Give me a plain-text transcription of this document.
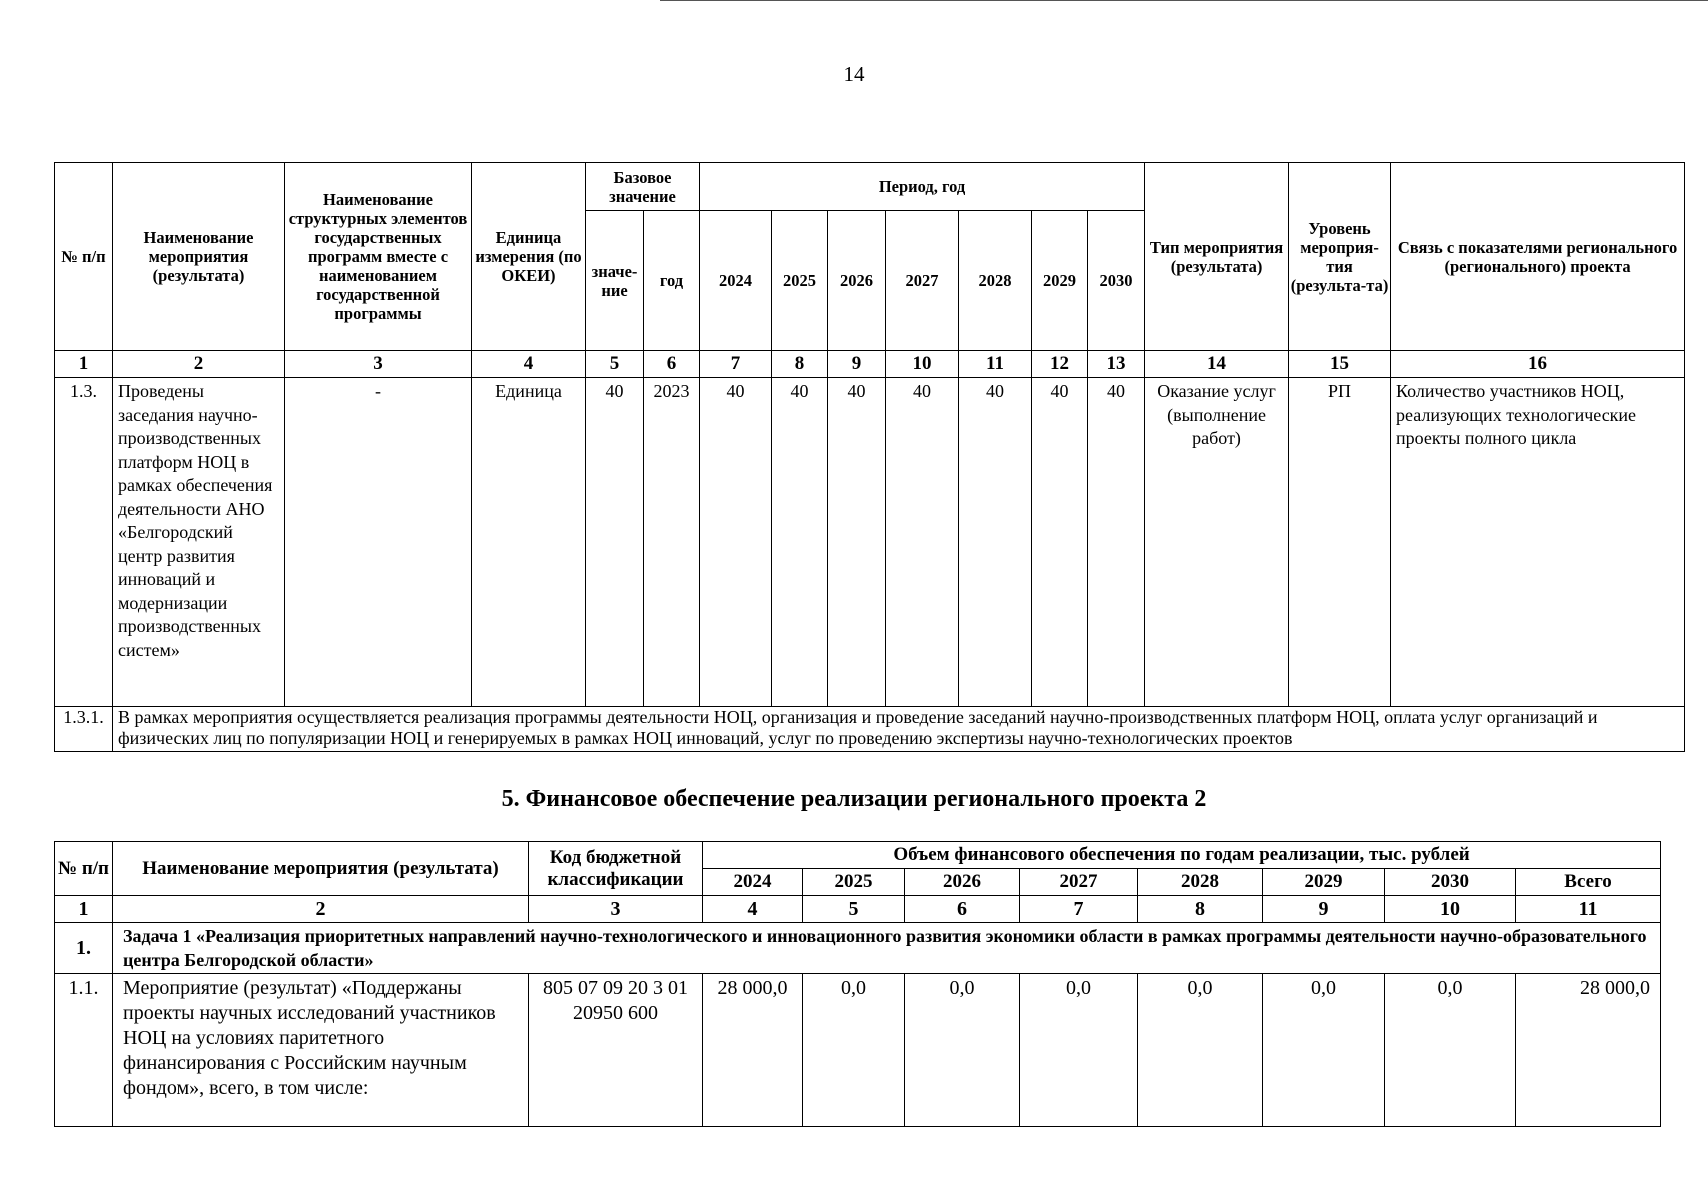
14
№ п/п	Наименование мероприятия (результата)	Наименование структурных элементов государственных программ вместе с наименованием государственной программы	Единица измерения (по ОКЕИ)	Базовое значение		Период, год							Тип мероприятия (результата)	Уровень мероприя-тия (результа-та)	Связь с показателями регионального (регионального) проекта
				значе-ние	год	2024	2025	2026	2027	2028	2029	2030			
1	2	3	4	5	6	7	8	9	10	11	12	13	14	15	16
1.3.	Проведены заседания научно-производственных платформ НОЦ в рамках обеспечения деятельности АНО «Белгородский центр развития инноваций и модернизации производственных систем»	-	Единица	40	2023	40	40	40	40	40	40	40	Оказание услуг (выполнение работ)	РП	Количество участников НОЦ, реализующих технологические проекты полного цикла
1.3.1.	В рамках мероприятия осуществляется реализация программы деятельности НОЦ, организация и проведение заседаний научно-производственных платформ НОЦ, оплата услуг организаций и физических лиц по популяризации НОЦ и генерируемых в рамках НОЦ инноваций, услуг по проведению экспертизы научно-технологических проектов														
5. Финансовое обеспечение реализации регионального проекта 2
№ п/п	Наименование мероприятия (результата)	Код бюджетной классификации	Объем финансового обеспечения по годам реализации, тыс. рублей							
			2024	2025	2026	2027	2028	2029	2030	Всего
1	2	3	4	5	6	7	8	9	10	11
1.	Задача 1 «Реализация приоритетных направлений научно-технологического и инновационного развития экономики области в рамках программы деятельности научно-образовательного центра Белгородской области»									
1.1.	Мероприятие (результат) «Поддержаны проекты научных исследований участников НОЦ на условиях паритетного финансирования с Российским научным фондом», всего, в том числе:	805 07 09 20 3 01 20950 600	28 000,0	0,0	0,0	0,0	0,0	0,0	0,0	28 000,0
